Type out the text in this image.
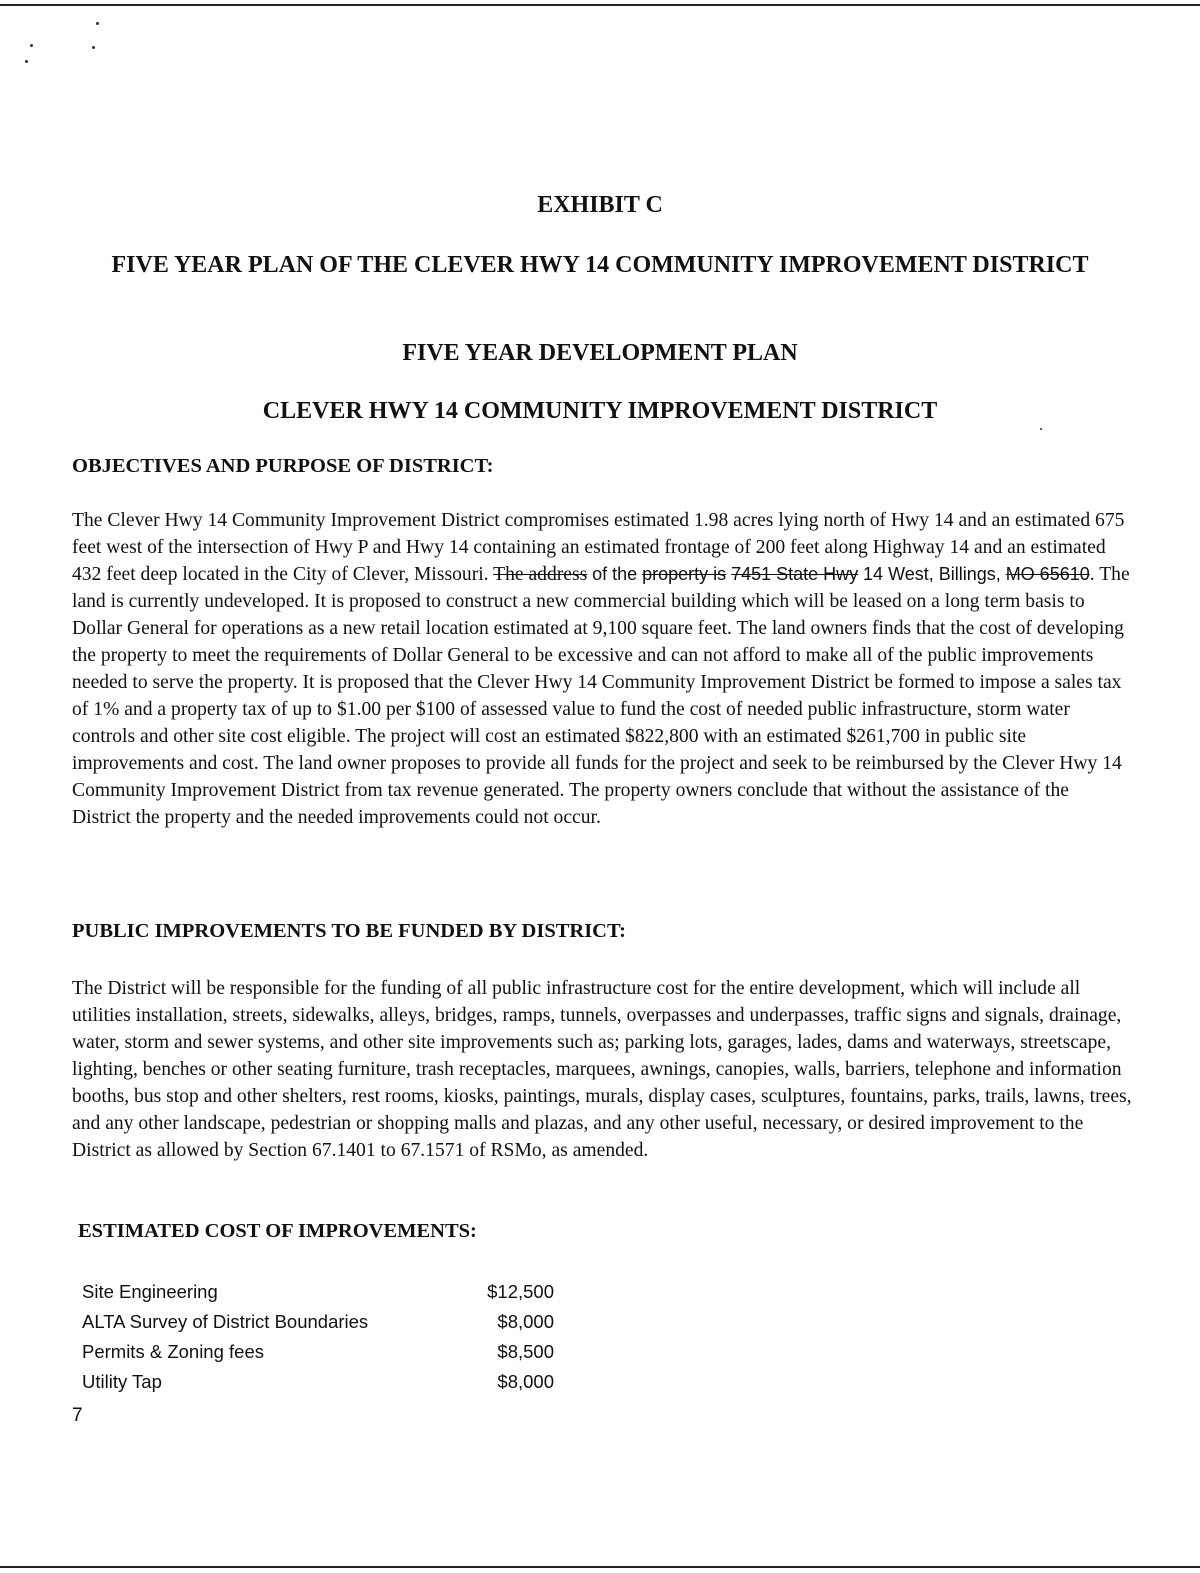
EXHIBIT C
FIVE YEAR PLAN OF THE CLEVER HWY 14 COMMUNITY IMPROVEMENT DISTRICT
FIVE YEAR DEVELOPMENT PLAN
CLEVER HWY 14 COMMUNITY IMPROVEMENT DISTRICT
OBJECTIVES AND PURPOSE OF DISTRICT:

The Clever Hwy 14 Community Improvement District compromises estimated 1.98 acres lying north of Hwy 14 and an estimated 675 feet west of the intersection of Hwy P and Hwy 14 containing an estimated frontage of 200 feet along Highway 14 and an estimated 432 feet deep located in the City of Clever, Missouri. The address of the property is 7451 State Hwy 14 West, Billings, MO 65610. The land is currently undeveloped. It is proposed to construct a new commercial building which will be leased on a long term basis to Dollar General for operations as a new retail location estimated at 9,100 square feet. The land owners finds that the cost of developing the property to meet the requirements of Dollar General to be excessive and can not afford to make all of the public improvements needed to serve the property. It is proposed that the Clever Hwy 14 Community Improvement District be formed to impose a sales tax of 1% and a property tax of up to $1.00 per $100 of assessed value to fund the cost of needed public infrastructure, storm water controls and other site cost eligible. The project will cost an estimated $822,800 with an estimated $261,700 in public site improvements and cost. The land owner proposes to provide all funds for the project and seek to be reimbursed by the Clever Hwy 14 Community Improvement District from tax revenue generated. The property owners conclude that without the assistance of the District the property and the needed improvements could not occur.

PUBLIC IMPROVEMENTS TO BE FUNDED BY DISTRICT:

The District will be responsible for the funding of all public infrastructure cost for the entire development, which will include all utilities installation, streets, sidewalks, alleys, bridges, ramps, tunnels, overpasses and underpasses, traffic signs and signals, drainage, water, storm and sewer systems, and other site improvements such as; parking lots, garages, lades, dams and waterways, streetscape, lighting, benches or other seating furniture, trash receptacles, marquees, awnings, canopies, walls, barriers, telephone and information booths, bus stop and other shelters, rest rooms, kiosks, paintings, murals, display cases, sculptures, fountains, parks, trails, lawns, trees, and any other landscape, pedestrian or shopping malls and plazas, and any other useful, necessary, or desired improvement to the District as allowed by Section 67.1401 to 67.1571 of RSMo, as amended.

ESTIMATED COST OF IMPROVEMENTS:
Site Engineering	$12,500
ALTA Survey of District Boundaries	$8,000
Permits & Zoning fees	$8,500
Utility Tap	$8,000

7
